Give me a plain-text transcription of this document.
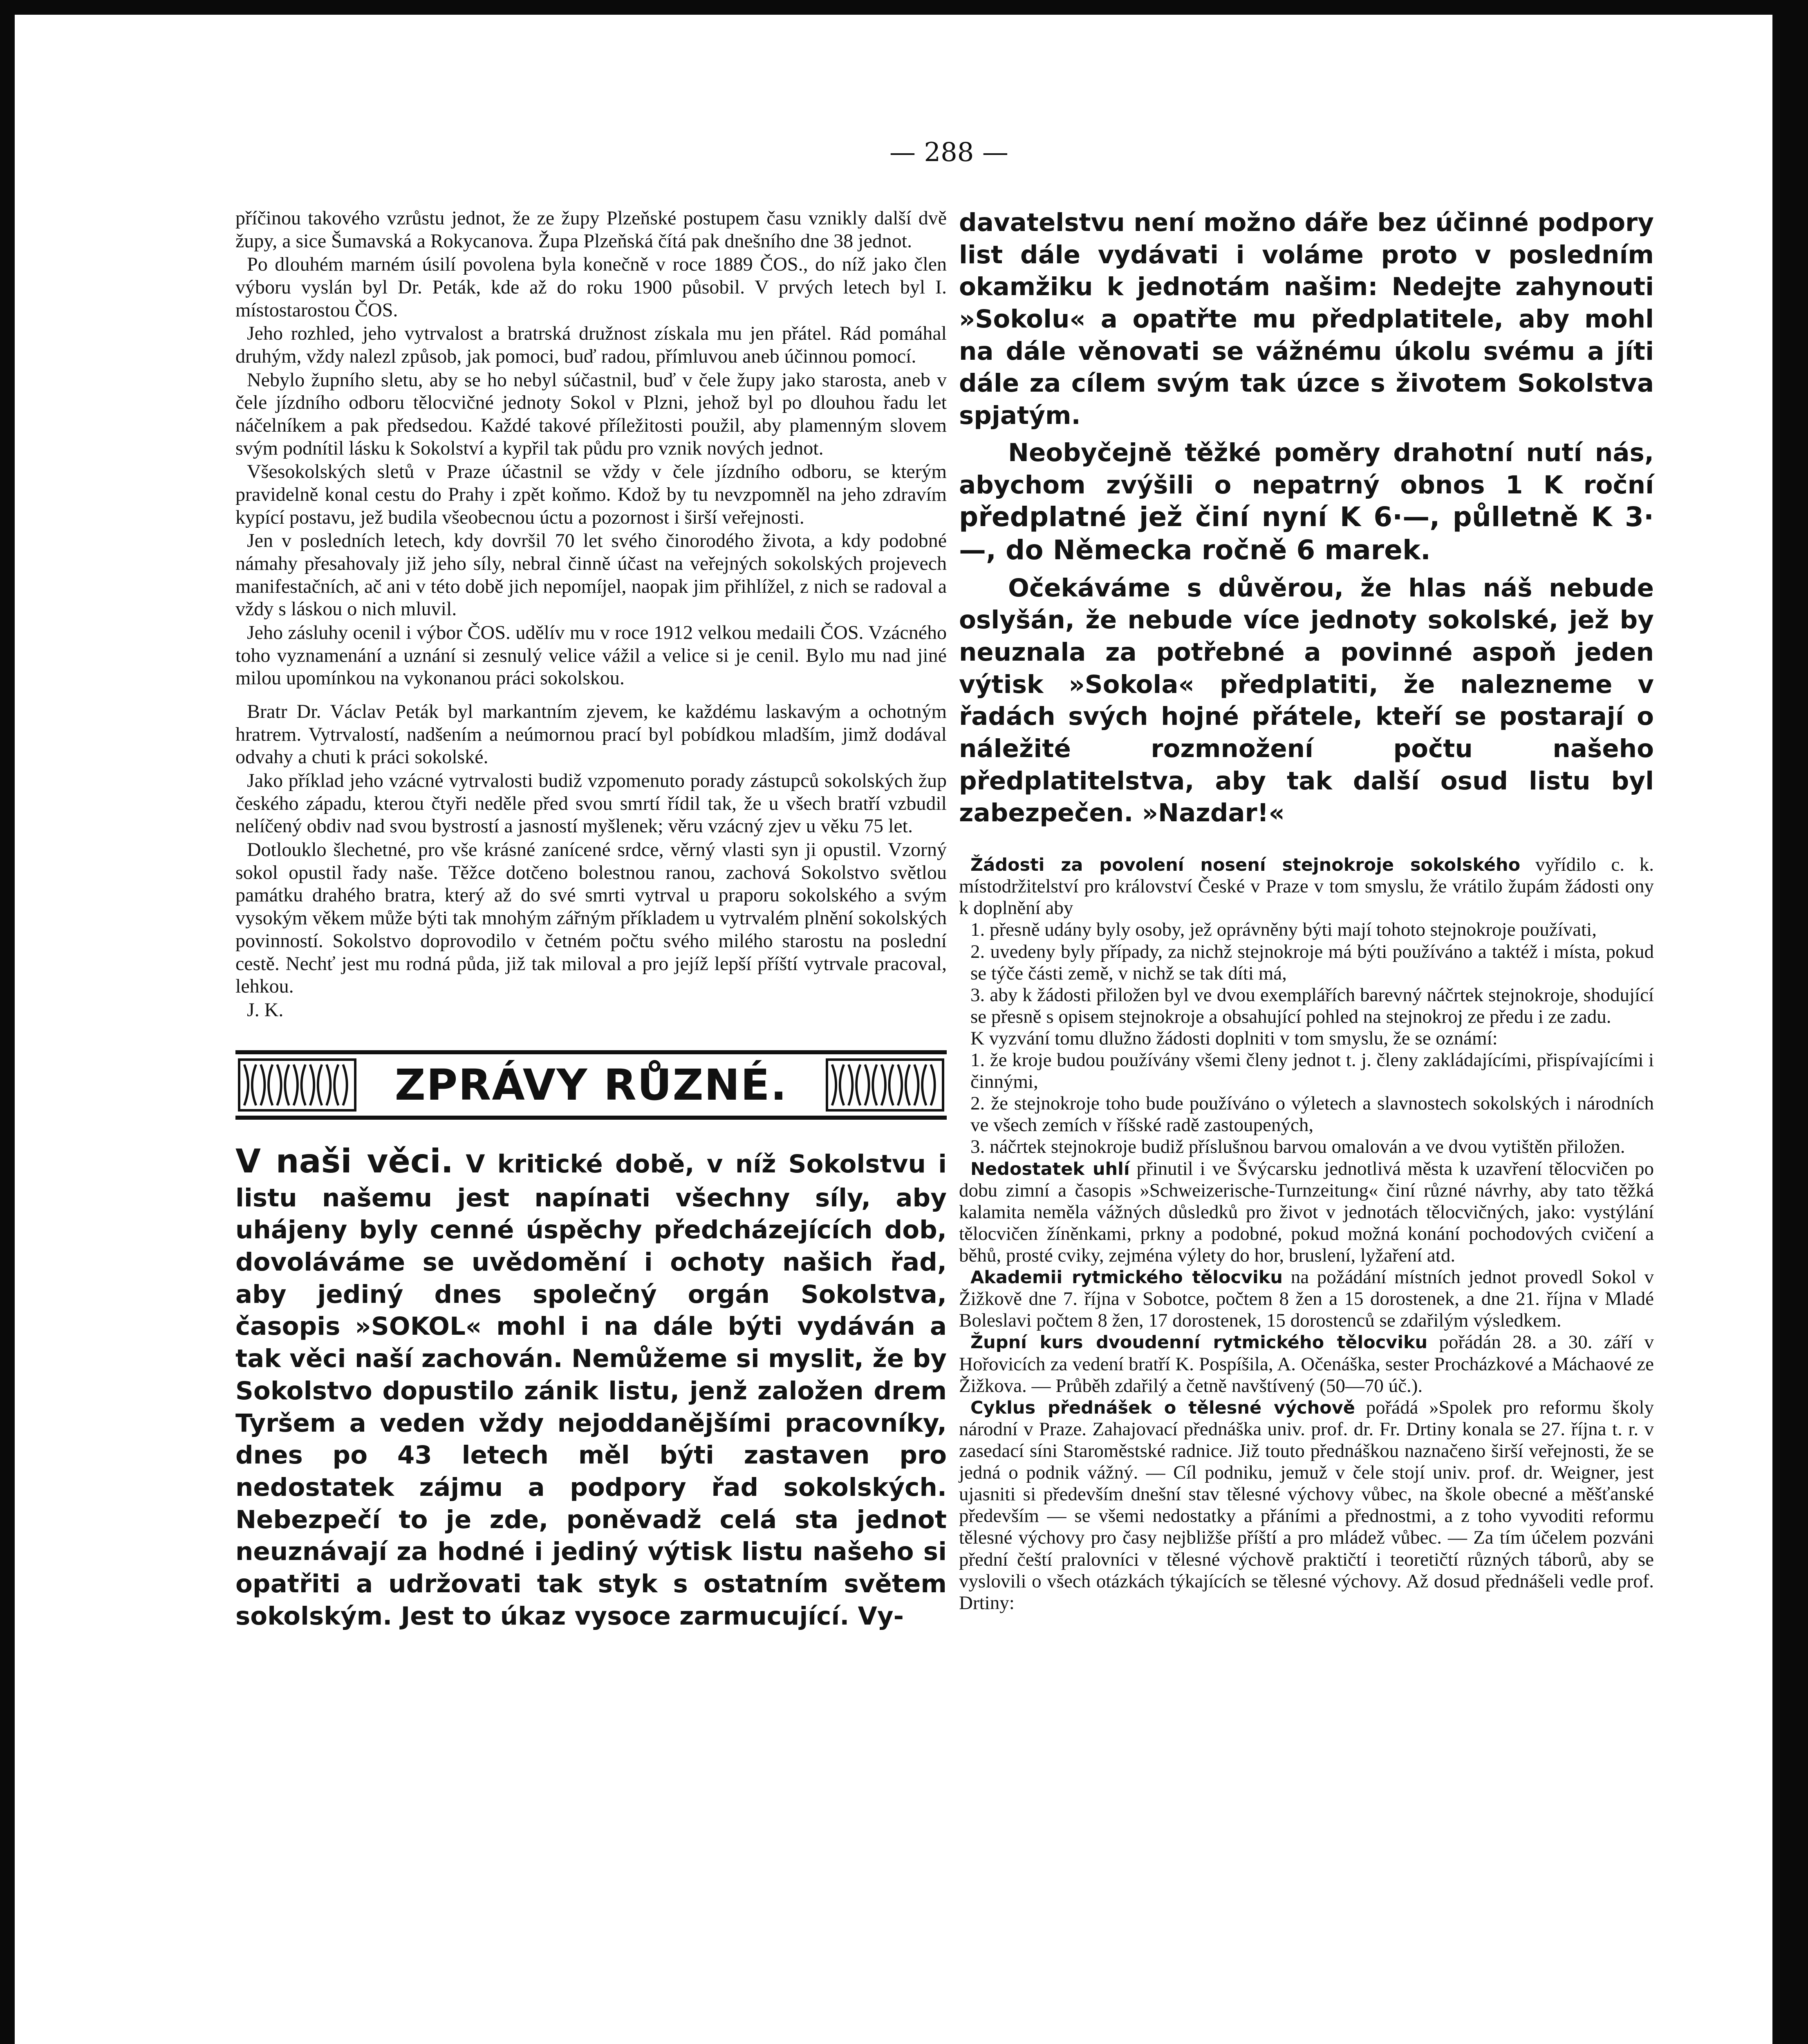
— 288 —

příčinou takového vzrůstu jednot, že ze župy Plzeňské postupem času vznikly další dvě župy, a sice Šumavská a Rokycanova. Župa Plzeňská čítá pak dnešního dne 38 jednot.

Po dlouhém marném úsilí povolena byla konečně v roce 1889 ČOS., do níž jako člen výboru vyslán byl Dr. Peták, kde až do roku 1900 působil. V prvých letech byl I. místostarostou ČOS.

Jeho rozhled, jeho vytrvalost a bratrská družnost získala mu jen přátel. Rád pomáhal druhým, vždy nalezl způsob, jak pomoci, buď radou, přímluvou aneb účinnou pomocí.

Nebylo župního sletu, aby se ho nebyl súčastnil, buď v čele župy jako starosta, aneb v čele jízdního odboru tělocvičné jednoty Sokol v Plzni, jehož byl po dlouhou řadu let náčelníkem a pak předsedou. Každé takové příležitosti použil, aby plamenným slovem svým podnítil lásku k Sokolství a kypřil tak půdu pro vznik nových jednot.

Všesokolských sletů v Praze účastnil se vždy v čele jízdního odboru, se kterým pravidelně konal cestu do Prahy i zpět koňmo. Kdož by tu nevzpomněl na jeho zdravím kypící postavu, jež budila všeobecnou úctu a pozornost i širší veřejnosti.

Jen v posledních letech, kdy dovršil 70 let svého činorodého života, a kdy podobné námahy přesahovaly již jeho síly, nebral činně účast na veřejných sokolských projevech manifestačních, ač ani v této době jich nepomíjel, naopak jim přihlížel, z nich se radoval a vždy s láskou o nich mluvil.

Jeho zásluhy ocenil i výbor ČOS. udělív mu v roce 1912 velkou medaili ČOS. Vzácného toho vyznamenání a uznání si zesnulý velice vážil a velice si je cenil. Bylo mu nad jiné milou upomínkou na vykonanou práci sokolskou.

Bratr Dr. Václav Peták byl markantním zjevem, ke každému laskavým a ochotným hratrem. Vytrvalostí, nadšením a neúmornou prací byl pobídkou mladším, jimž dodával odvahy a chuti k práci sokolské.

Jako příklad jeho vzácné vytrvalosti budiž vzpomenuto porady zástupců sokolských žup českého západu, kterou čtyři neděle před svou smrtí řídil tak, že u všech bratří vzbudil nelíčený obdiv nad svou bystrostí a jasností myšlenek; věru vzácný zjev u věku 75 let.

Dotlouklo šlechetné, pro vše krásné zanícené srdce, věrný vlasti syn ji opustil. Vzorný sokol opustil řady naše. Těžce dotčeno bolestnou ranou, zachová Sokolstvo světlou památku drahého bratra, který až do své smrti vytrval u praporu sokolského a svým vysokým věkem může býti tak mnohým zářným příkladem u vytrvalém plnění sokolských povinností. Sokolstvo doprovodilo v četném počtu svého milého starostu na poslední cestě. Nechť jest mu rodná půda, již tak miloval a pro jejíž lepší příští vytrvale pracoval, lehkou.

J. K.

ZPRÁVY RŮZNÉ.

V naši věci. V kritické době, v níž Sokolstvu i listu našemu jest napínati všechny síly, aby uhájeny byly cenné úspěchy předcházejících dob, dovoláváme se uvědomění i ochoty našich řad, aby jediný dnes společný orgán Sokolstva, časopis »SOKOL« mohl i na dále býti vydáván a tak věci naší zachován. Nemůžeme si myslit, že by Sokolstvo dopustilo zánik listu, jenž založen drem Tyršem a veden vždy nejoddanějšími pracovníky, dnes po 43 letech měl býti zastaven pro nedostatek zájmu a podpory řad sokolských. Nebezpečí to je zde, poněvadž celá sta jednot neuznávají za hodné i jediný výtisk listu našeho si opatřiti a udržovati tak styk s ostatním světem sokolským. Jest to úkaz vysoce zarmucující. Vy-

davatelstvu není možno dáře bez účinné podpory list dále vydávati i voláme proto v posledním okamžiku k jednotám našim: Nedejte zahynouti »Sokolu« a opatřte mu předplatitele, aby mohl na dále věnovati se vážnému úkolu svému a jíti dále za cílem svým tak úzce s životem Sokolstva spjatým.

Neobyčejně těžké poměry drahotní nutí nás, abychom zvýšili o nepatrný obnos 1 K roční předplatné jež činí nyní K 6·—, půlletně K 3·—, do Německa ročně 6 marek.

Očekáváme s důvěrou, že hlas náš nebude oslyšán, že nebude více jednoty sokolské, jež by neuznala za potřebné a povinné aspoň jeden výtisk »Sokola« předplatiti, že nalezneme v řadách svých hojné přátele, kteří se postarají o náležité rozmnožení počtu našeho předplatitelstva, aby tak další osud listu byl zabezpečen. »Nazdar!«

Žádosti za povolení nosení stejnokroje sokolského vyřídilo c. k. místodržitelství pro království České v Praze v tom smyslu, že vrátilo župám žádosti ony k doplnění aby

1. přesně udány byly osoby, jež oprávněny býti mají tohoto stejnokroje používati,

2. uvedeny byly případy, za nichž stejnokroje má býti používáno a taktéž i místa, pokud se týče části země, v nichž se tak díti má,

3. aby k žádosti přiložen byl ve dvou exemplářích barevný náčrtek stejnokroje, shodující se přesně s opisem stejnokroje a obsahující pohled na stejnokroj ze předu i ze zadu.

K vyzvání tomu dlužno žádosti doplniti v tom smyslu, že se oznámí:

1. že kroje budou používány všemi členy jednot t. j. členy zakládajícími, přispívajícími i činnými,

2. že stejnokroje toho bude používáno o výletech a slavnostech sokolských i národních ve všech zemích v říšské radě zastoupených,

3. náčrtek stejnokroje budiž příslušnou barvou omalován a ve dvou vytištěn přiložen.

Nedostatek uhlí přinutil i ve Švýcarsku jednotlivá města k uzavření tělocvičen po dobu zimní a časopis »Schweizerische-Turnzeitung« činí různé návrhy, aby tato těžká kalamita neměla vážných důsledků pro život v jednotách tělocvičných, jako: vystýlání tělocvičen žíněnkami, prkny a podobné, pokud možná konání pochodových cvičení a běhů, prosté cviky, zejména výlety do hor, bruslení, lyžaření atd.

Akademii rytmického tělocviku na požádání místních jednot provedl Sokol v Žižkově dne 7. října v Sobotce, počtem 8 žen a 15 dorostenek, a dne 21. října v Mladé Boleslavi počtem 8 žen, 17 dorostenek, 15 dorostenců se zdařilým výsledkem.

Župní kurs dvoudenní rytmického tělocviku pořádán 28. a 30. září v Hořovicích za vedení bratří K. Pospíšila, A. Očenáška, sester Procházkové a Máchaové ze Žižkova. — Průběh zdařilý a četně navštívený (50—70 úč.).

Cyklus přednášek o tělesné výchově pořádá »Spolek pro reformu školy národní v Praze. Zahajovací přednáška univ. prof. dr. Fr. Drtiny konala se 27. října t. r. v zasedací síni Staroměstské radnice. Již touto přednáškou naznačeno širší veřejnosti, že se jedná o podnik vážný. — Cíl podniku, jemuž v čele stojí univ. prof. dr. Weigner, jest ujasniti si především dnešní stav tělesné výchovy vůbec, na škole obecné a měšťanské především — se všemi nedostatky a přáními a přednostmi, a z toho vyvoditi reformu tělesné výchovy pro časy nejbližše příští a pro mládež vůbec. — Za tím účelem pozváni přední čeští pralovníci v tělesné výchově praktičtí i teoretičtí různých táborů, aby se vyslovili o všech otázkách týkajících se tělesné výchovy. Až dosud přednášeli vedle prof. Drtiny:
